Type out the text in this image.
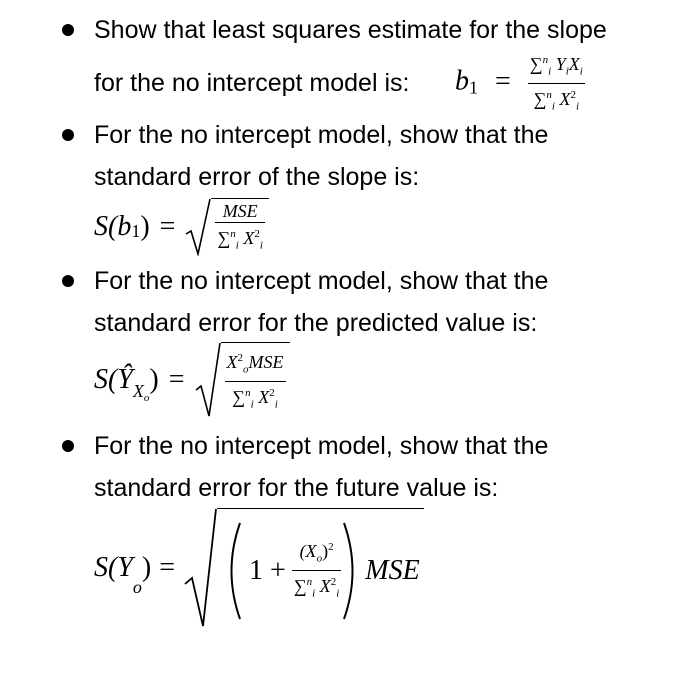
Show that least squares estimate for the slope
for the no intercept model is: $b1 = \frac{\sum^n_i Y_iX_i}{\sum^n_i X^2_i}$
For the no intercept model, show that the
standard error of the slope is:
S(b 1 ) = $\frac{\text{MSE}}{\sum^n_i X^2_i}$
For the no intercept model, show that the
standard error for the predicted value is:
S(Ŷ X o
) = $\frac{X^2_oMSE}{\sum^n_i X^2_i}$
For the no intercept model, show that the
standard error for the future value is:
S(Y
o
) =	$1 + \frac{(X_o)^2}{\sum^n_i X^2_i}$ MSE
